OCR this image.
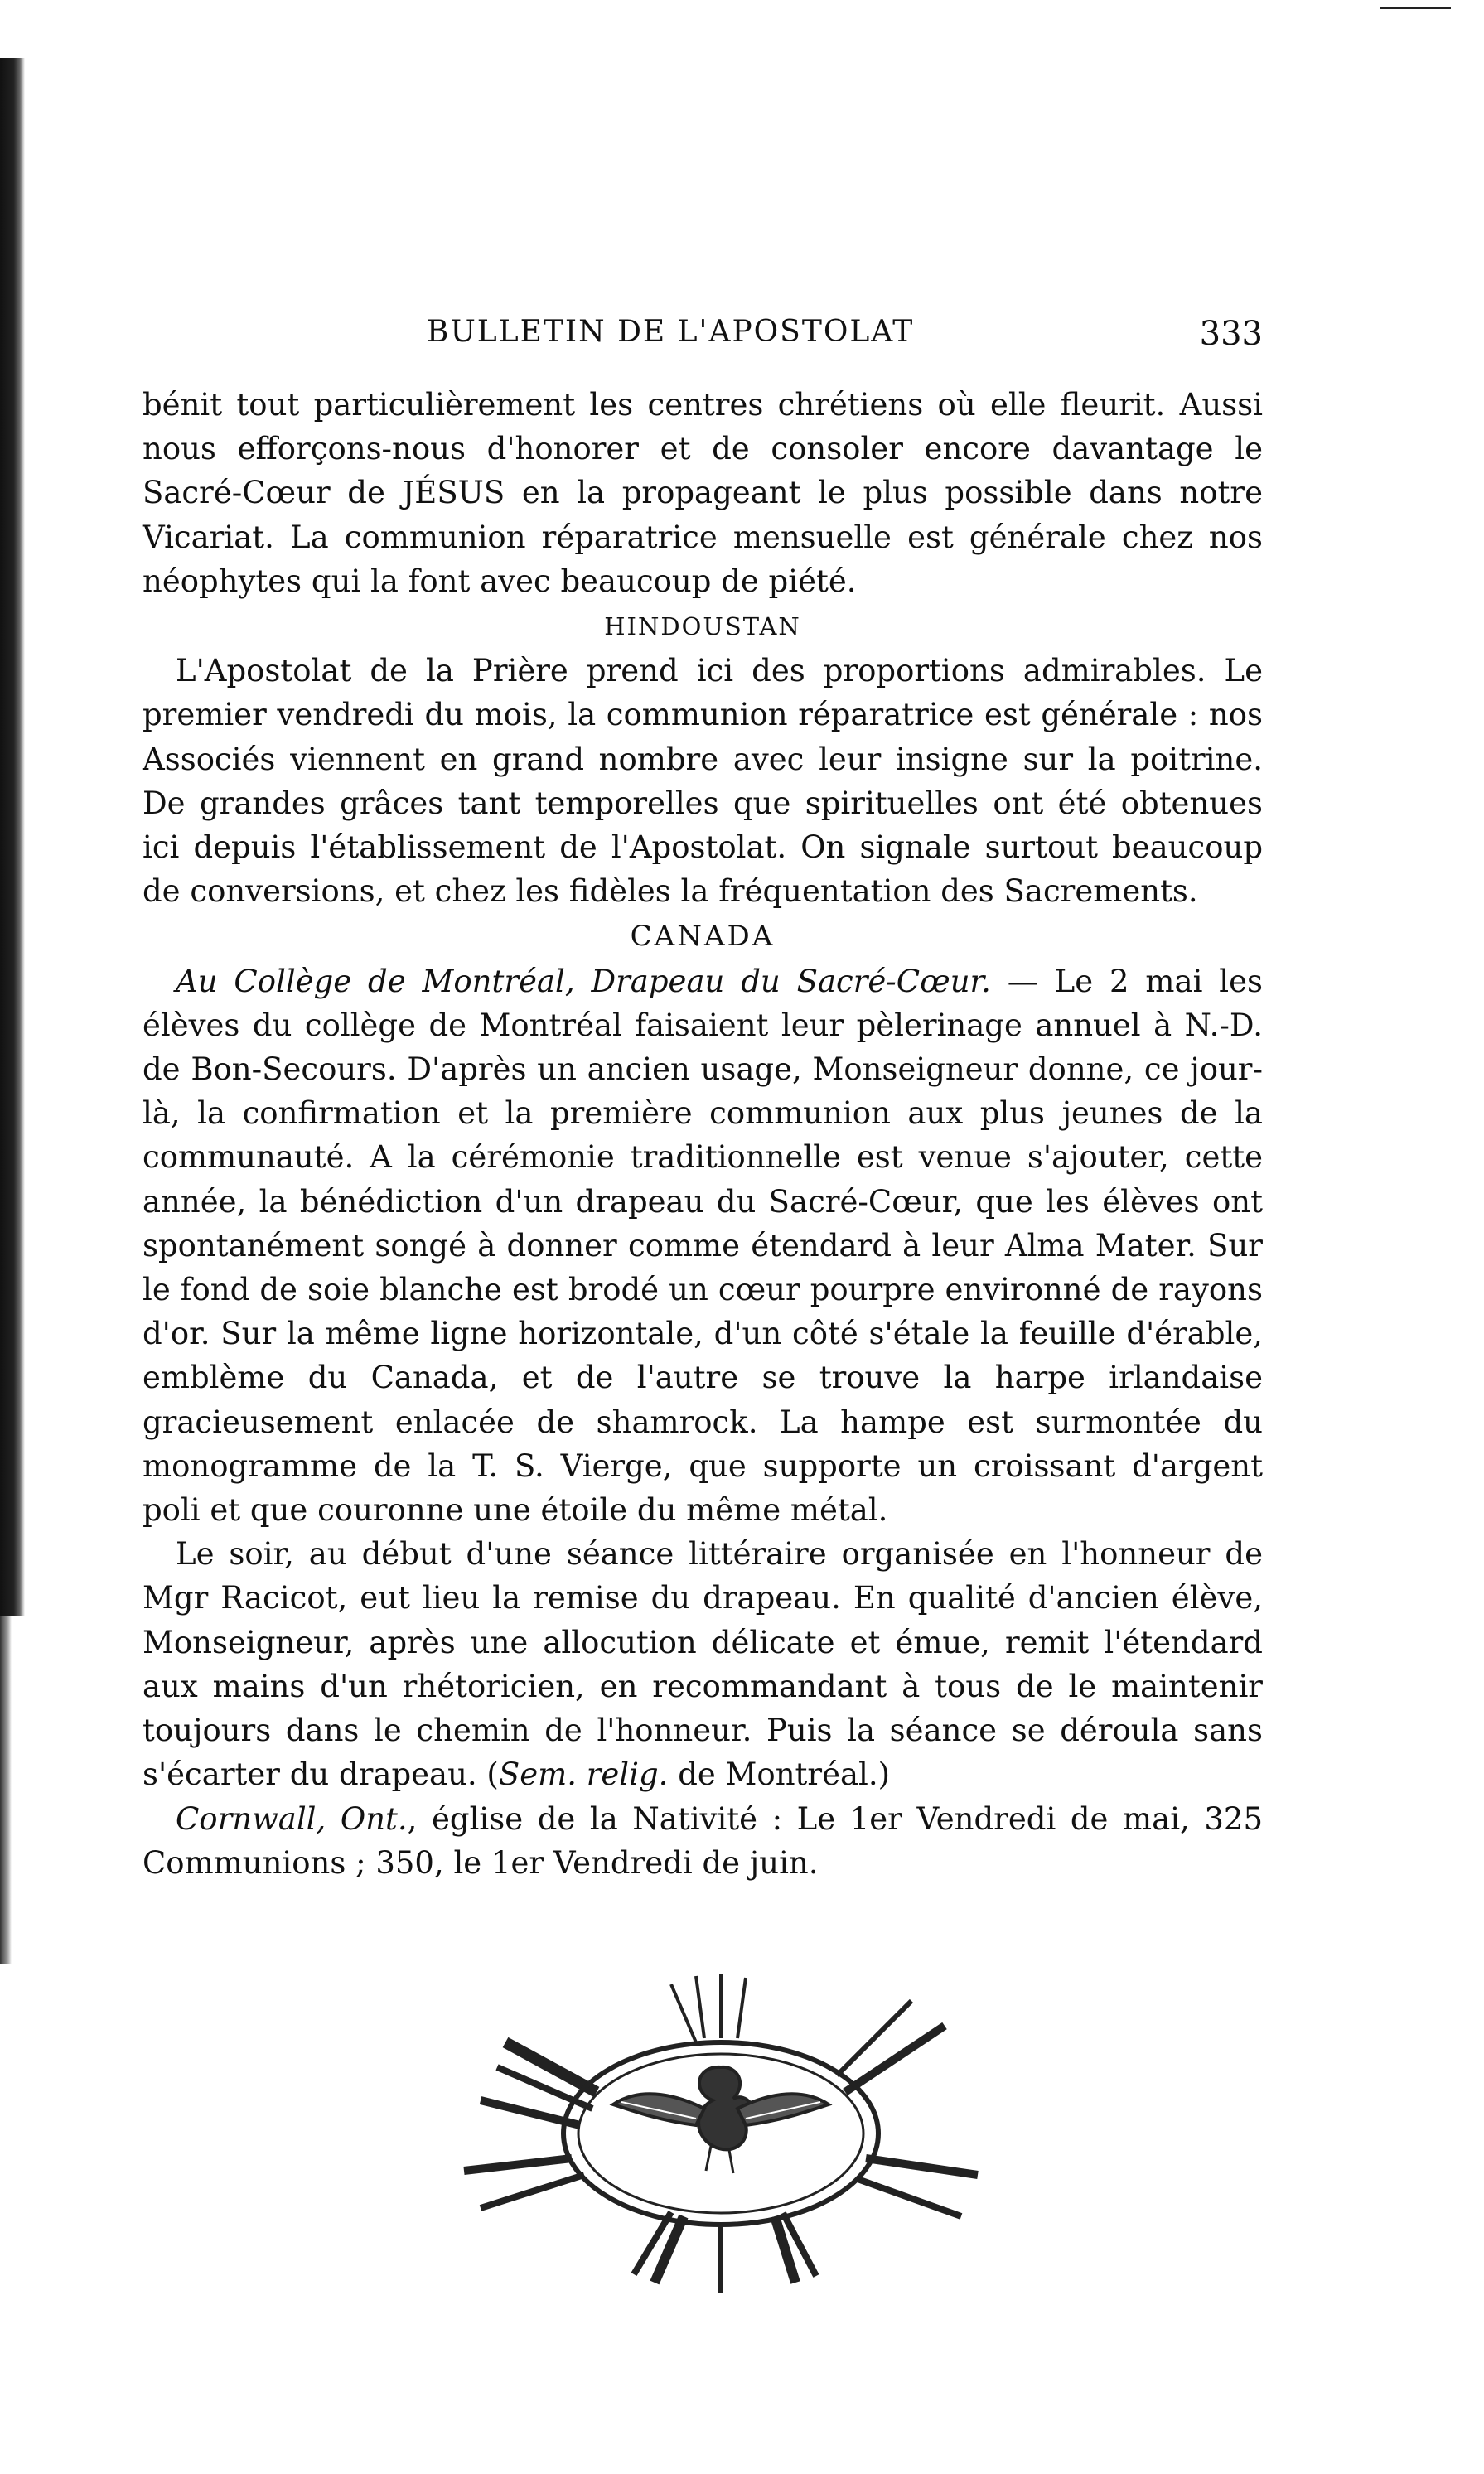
BULLETIN DE L'APOSTOLAT	333

bénit tout particulièrement les centres chrétiens où elle fleurit. Aussi nous efforçons-nous d'honorer et de consoler encore davantage le Sacré-Cœur de JÉSUS en la propageant le plus possible dans notre Vicariat. La communion réparatrice mensuelle est générale chez nos néophytes qui la font avec beaucoup de piété.

HINDOUSTAN

L'Apostolat de la Prière prend ici des proportions admirables. Le premier vendredi du mois, la communion réparatrice est générale : nos Associés viennent en grand nombre avec leur insigne sur la poitrine. De grandes grâces tant temporelles que spirituelles ont été obtenues ici depuis l'établissement de l'Apostolat. On signale surtout beaucoup de conversions, et chez les fidèles la fréquentation des Sacrements.

CANADA

Au Collège de Montréal, Drapeau du Sacré-Cœur. — Le 2 mai les élèves du collège de Montréal faisaient leur pèlerinage annuel à N.-D. de Bon-Secours. D'après un ancien usage, Monseigneur donne, ce jour-là, la confirmation et la première communion aux plus jeunes de la communauté. A la cérémonie traditionnelle est venue s'ajouter, cette année, la bénédiction d'un drapeau du Sacré-Cœur, que les élèves ont spontanément songé à donner comme étendard à leur Alma Mater. Sur le fond de soie blanche est brodé un cœur pourpre environné de rayons d'or. Sur la même ligne horizontale, d'un côté s'étale la feuille d'érable, emblème du Canada, et de l'autre se trouve la harpe irlandaise gracieusement enlacée de shamrock. La hampe est surmontée du monogramme de la T. S. Vierge, que supporte un croissant d'argent poli et que couronne une étoile du même métal.

Le soir, au début d'une séance littéraire organisée en l'honneur de Mgr Racicot, eut lieu la remise du drapeau. En qualité d'ancien élève, Monseigneur, après une allocution délicate et émue, remit l'étendard aux mains d'un rhétoricien, en recommandant à tous de le maintenir toujours dans le chemin de l'honneur. Puis la séance se déroula sans s'écarter du drapeau. (Sem. relig. de Montréal.)

Cornwall, Ont., église de la Nativité : Le 1er Vendredi de mai, 325 Communions ; 350, le 1er Vendredi de juin.
